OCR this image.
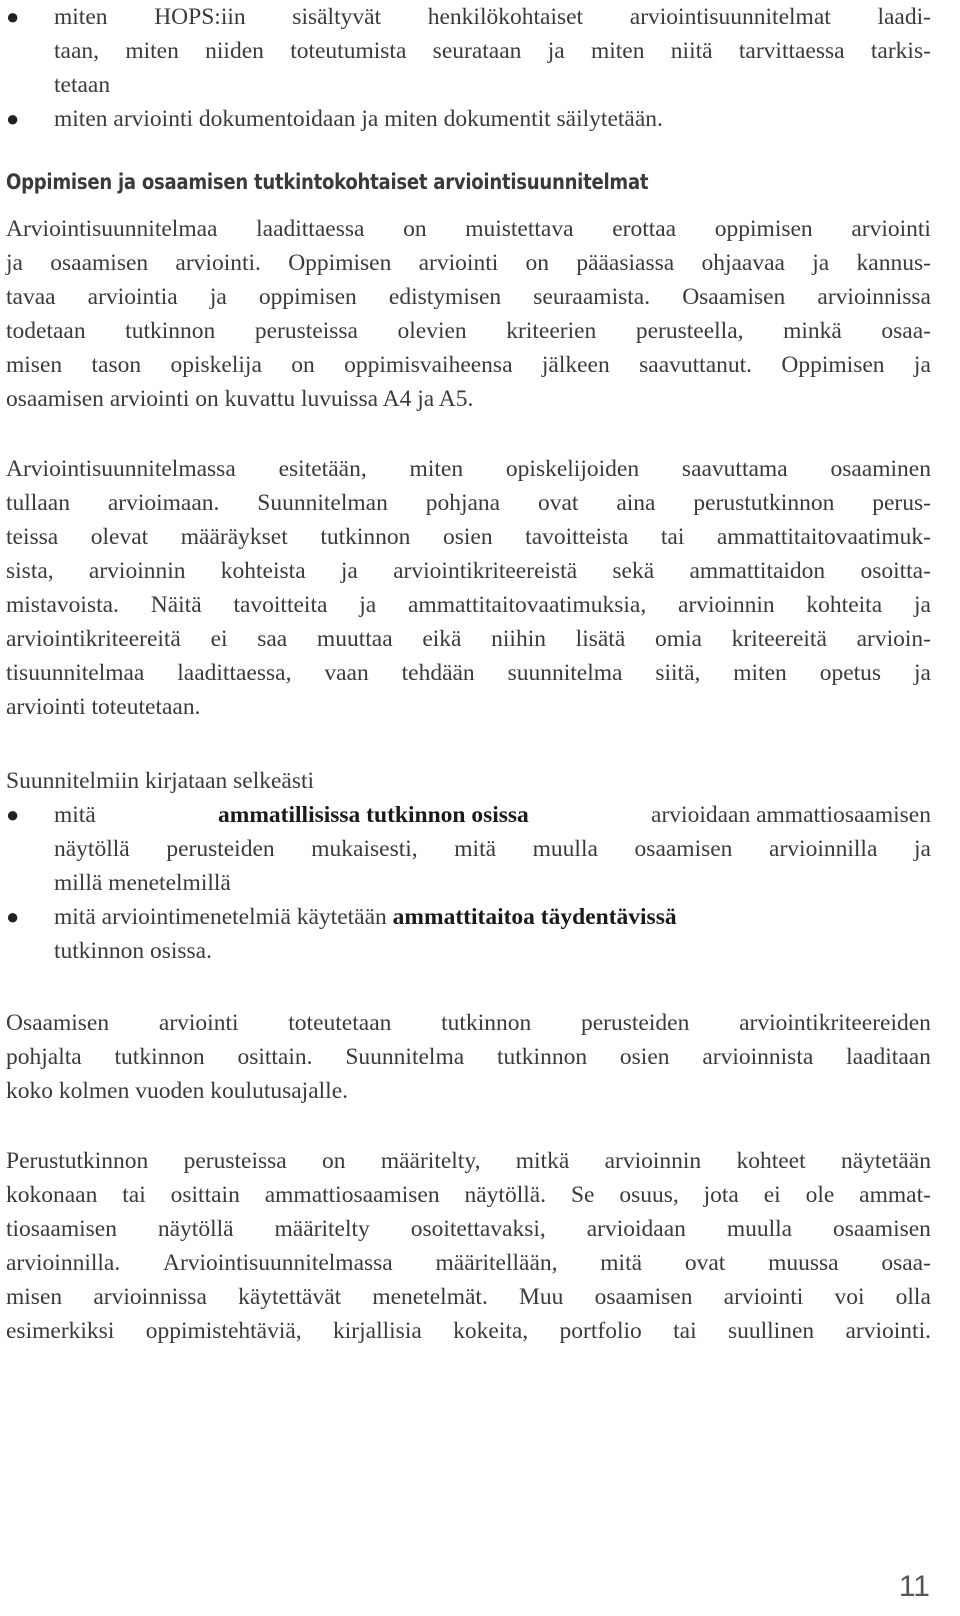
● miten HOPS:iin sisältyvät henkilökohtaiset arviointisuunnitelmat laadi-
taan, miten niiden toteutumista seurataan ja miten niitä tarvittaessa tarkis-
tetaan
● miten arviointi dokumentoidaan ja miten dokumentit säilytetään.
Oppimisen ja osaamisen tutkintokohtaiset arviointisuunnitelmat
Arviointisuunnitelmaa laadittaessa on muistettava erottaa oppimisen arviointi
ja osaamisen arviointi. Oppimisen arviointi on pääasiassa ohjaavaa ja kannus-
tavaa arviointia ja oppimisen edistymisen seuraamista. Osaamisen arvioinnissa
todetaan tutkinnon perusteissa olevien kriteerien perusteella, minkä osaa-
misen tason opiskelija on oppimisvaiheensa jälkeen saavuttanut. Oppimisen ja
osaamisen arviointi on kuvattu luvuissa A4 ja A5.
Arviointisuunnitelmassa esitetään, miten opiskelijoiden saavuttama osaaminen
tullaan arvioimaan. Suunnitelman pohjana ovat aina perustutkinnon perus-
teissa olevat määräykset tutkinnon osien tavoitteista tai ammattitaitovaatimuk-
sista, arvioinnin kohteista ja arviointikriteereistä sekä ammattitaidon osoitta-
mistavoista. Näitä tavoitteita ja ammattitaitovaatimuksia, arvioinnin kohteita ja
arviointikriteereitä ei saa muuttaa eikä niihin lisätä omia kriteereitä arvioin-
tisuunnitelmaa laadittaessa, vaan tehdään suunnitelma siitä, miten opetus ja
arviointi toteutetaan.
Suunnitelmiin kirjataan selkeästi
● mitä	ammatillisissa tutkinnon osissa	arvioidaan ammattiosaamisen
näytöllä perusteiden mukaisesti, mitä muulla osaamisen arvioinnilla ja
millä menetelmillä
● mitä arviointimenetelmiä käytetään ammattitaitoa täydentävissä
tutkinnon osissa.
Osaamisen arviointi toteutetaan tutkinnon perusteiden arviointikriteereiden
pohjalta tutkinnon osittain. Suunnitelma tutkinnon osien arvioinnista laaditaan
koko kolmen vuoden koulutusajalle.
Perustutkinnon perusteissa on määritelty, mitkä arvioinnin kohteet näytetään
kokonaan tai osittain ammattiosaamisen näytöllä. Se osuus, jota ei ole ammat-
tiosaamisen näytöllä määritelty osoitettavaksi, arvioidaan muulla osaamisen
arvioinnilla. Arviointisuunnitelmassa määritellään, mitä ovat muussa osaa-
misen arvioinnissa käytettävät menetelmät. Muu osaamisen arviointi voi olla
esimerkiksi oppimistehtäviä, kirjallisia kokeita, portfolio tai suullinen arviointi.
11
